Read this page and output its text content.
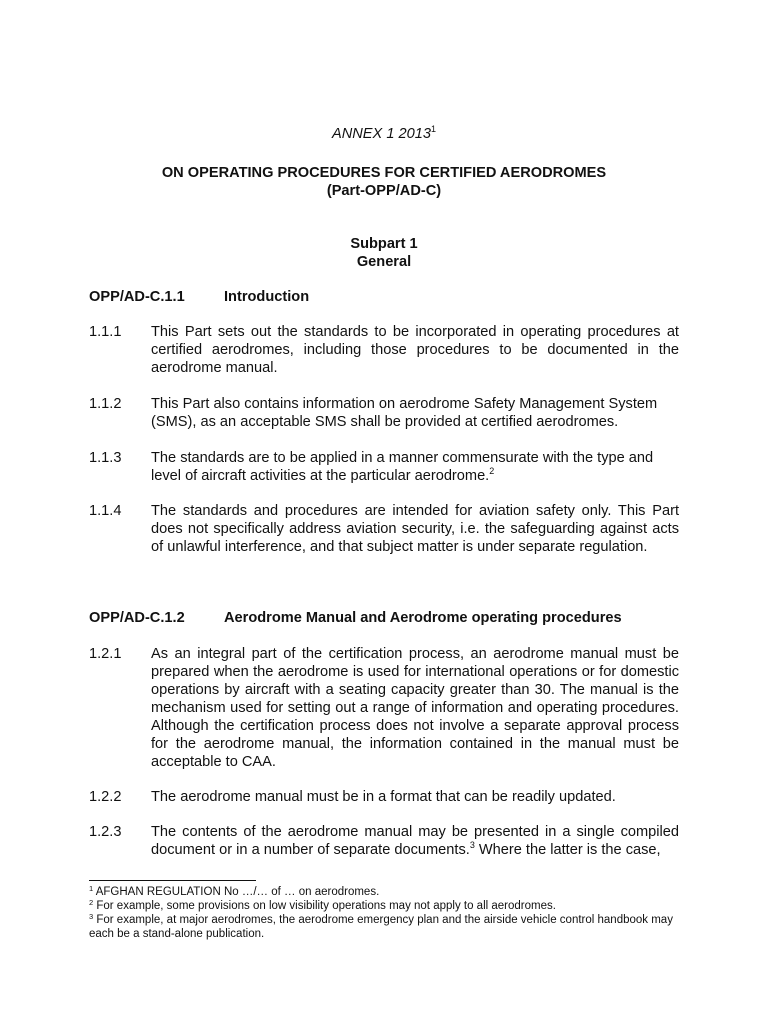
ANNEX 1 2013$^1$
ON OPERATING PROCEDURES FOR CERTIFIED AERODROMES
(Part-OPP/AD-C)
Subpart 1
General
OPP/AD-C.1.1	Introduction
1.1.1 This Part sets out the standards to be incorporated in operating procedures at certified aerodromes, including those procedures to be documented in the aerodrome manual.
1.1.2 This Part also contains information on aerodrome Safety Management System (SMS), as an acceptable SMS shall be provided at certified aerodromes.
1.1.3 The standards are to be applied in a manner commensurate with the type and level of aircraft activities at the particular aerodrome.$^2$
1.1.4 The standards and procedures are intended for aviation safety only. This Part does not specifically address aviation security, i.e. the safeguarding against acts of unlawful interference, and that subject matter is under separate regulation.
OPP/AD-C.1.2	Aerodrome Manual and Aerodrome operating procedures
1.2.1 As an integral part of the certification process, an aerodrome manual must be prepared when the aerodrome is used for international operations or for domestic operations by aircraft with a seating capacity greater than 30. The manual is the mechanism used for setting out a range of information and operating procedures. Although the certification process does not involve a separate approval process for the aerodrome manual, the information contained in the manual must be acceptable to CAA.
1.2.2 The aerodrome manual must be in a format that can be readily updated.
1.2.3 The contents of the aerodrome manual may be presented in a single compiled document or in a number of separate documents.$^3$ Where the latter is the case,
$^1$ AFGHAN REGULATION No …/… of … on aerodromes.
$^2$ For example, some provisions on low visibility operations may not apply to all aerodromes.
$^3$ For example, at major aerodromes, the aerodrome emergency plan and the airside vehicle control handbook may each be a stand-alone publication.
